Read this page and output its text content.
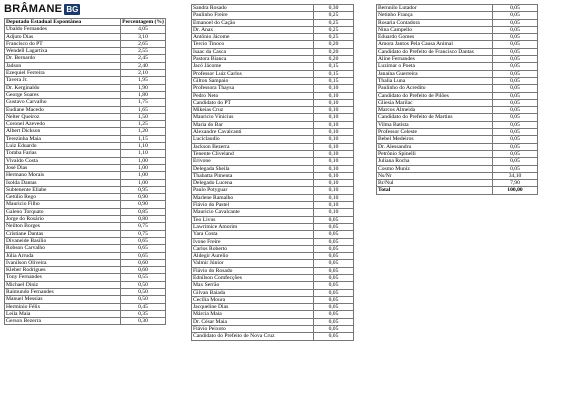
BRÂMANE BG
Deputado Estadual Espontânea	Percentagem (%)
Ubaldo Fernandes	4,05
Adjuto Dias	3,10
Francisco do PT	2,65
Wendell Lagartixa	2,55
Dr. Bernardo	2,45
Jadson	2,40
Ezequiel Ferreira	2,10
Tavera Jr.	1,95
Dr. Kerginaldo	1,90
George Soares	1,80
Gustavo Carvalho	1,75
Eudiane Macedo	1,65
Nelter Queiroz	1,50
Coronel Azevedo	1,25
Albert Dickson	1,20
Terezinha Maia	1,15
Luiz Eduardo	1,10
Tomba Farias	1,10
Vivaldo Costa	1,00
José Dias	1,00
Hermano Morais	1,00
Isolda Dantas	1,00
Subtenente Eliabe	0,95
Getúlio Rego	0,90
Mauricio Filho	0,90
Galeno Torquato	0,85
Jorge do Rosário	0,80
Neilton Borges	0,75
Cristiane Dantas	0,75
Divaneide Basílio	0,65
Robson Carvalho	0,65
Júlia Arruda	0,65
Ivanilson Oliveira	0,60
Kleber Rodrigues	0,60
Tony Fernandes	0,55
Michael Diniz	0,50
Raimundo Fernandes	0,50
Manuel Messias	0,50
Hermínio Félix	0,45
Leila Maia	0,35
Gerson Bezerra	0,30
Sandra Rosado	0,30
Paulinho Freire	0,25
Emanoel do Cação	0,25
Dr. Anax	0,25
Antônio Jácome	0,25
Tercio Tinoco	0,20
Isaac da Casca	0,20
Pastora Bianca	0,20
Jacó Jácome	0,15
Professor Luiz Carlos	0,15
Gilton Sampaio	0,15
Professora Thaysa	0,10
Pedro Neto	0,10
Candidato do PT	0,10
Mikeias Cruz	0,10
Mauricio Vinicius	0,10
Maria do Bar	0,10
Alexandre Cavalcanti	0,10
Luciclaudio	0,10
Jackson Bezerra	0,10
Tenente Cliveland	0,10
Erivone	0,10
Delegada Sheila	0,10
Thabatta Pimenta	0,10
Delegado Lucena	0,10
Paulo Potyguar	0,10
Marlene Ramalho	0,10
Flávio do Pastel	0,10
Mauricio Cavalcante	0,10
Teo Livus	0,05
Lawrimice Amorim	0,05
Yara Costa	0,05
Ivone Freire	0,05
Carlos Roberto	0,05
Aldegir Aurelio	0,05
Valmir Júnior	0,05
Flávio do Rosado	0,05
Ednilson Comfecções	0,05
Max Serrão	0,05
Gilvan Baiada	0,05
Cecília Moura	0,05
Jacqueline Dias	0,05
Márcia Maia	0,05
Dr. César Maia	0,05
Flávio Peixoto	0,05
Candidato do Prefeito de Nova Cruz	0,05
Bernnilo Lutador	0,05
Netinho França	0,05
Rosaria Contadora	0,05
Nina Campello	0,05
Eduardo Gomes	0,05
Amora Jantos Pela Causa Animal	0,05
Candidato do Prefeito de Francisco Dantas	0,05
Aline Fernandes	0,05
Luzimar o Poeta	0,05
Janaína Guerreira	0,05
Thalia Luna	0,05
Paulinho do Acredito	0,05
Candidato do Prefeito de Pilões	0,05
Gliesia Marilac	0,05
Marcos Almeida	0,05
Candidato do Prefeito de Martins	0,05
Vilma Batista	0,05
Professor Celeste	0,05
Bebel Medeiros	0,05
Dr. Alessandru	0,05
Petrônio Spinelli	0,05
Juliana Rocha	0,05
Cosmo Muniz	0,05
Ns/Nr	34,10
Br/Nul	7,90
Total	100,00
